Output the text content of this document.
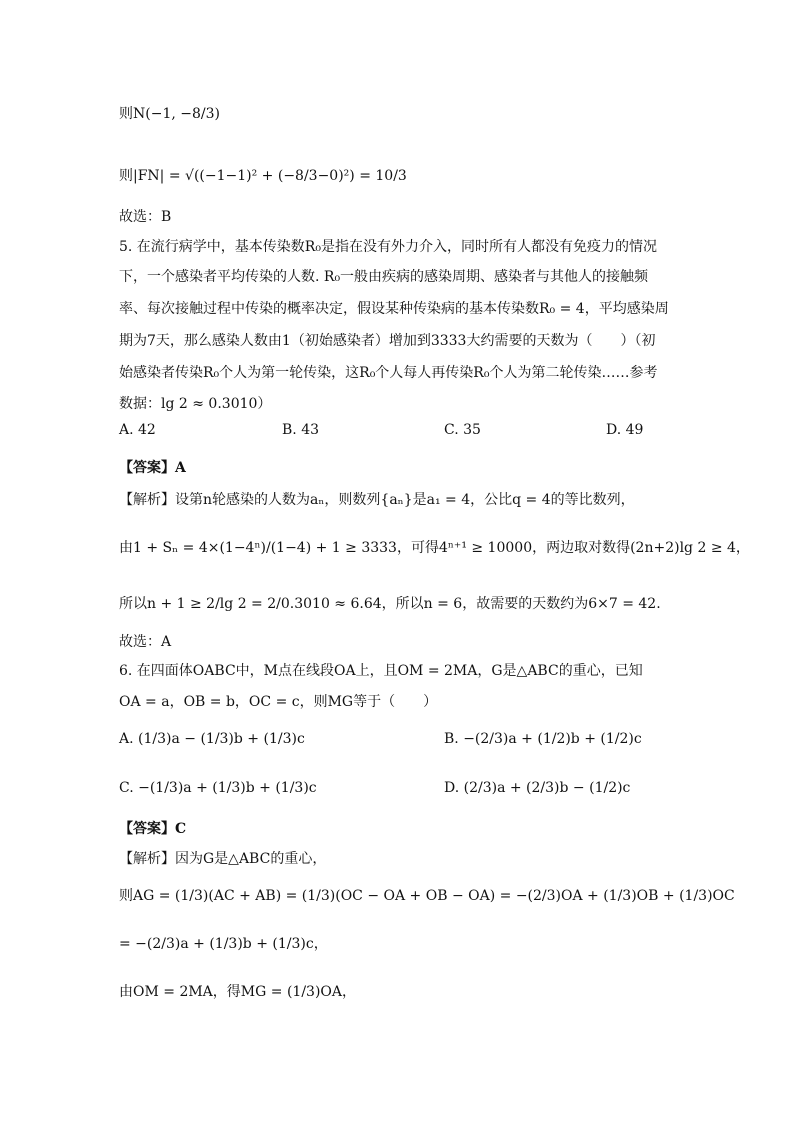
则N(−1, −8/3)
则|FN| = √((−1−1)² + (−8/3−0)²) = 10/3
故选：B
5. 在流行病学中，基本传染数R₀是指在没有外力介入，同时所有人都没有免疫力的情况
下，一个感染者平均传染的人数. R₀一般由疾病的感染周期、感染者与其他人的接触频
率、每次接触过程中传染的概率决定，假设某种传染病的基本传染数R₀ = 4，平均感染周
期为7天，那么感染人数由1（初始感染者）增加到3333大约需要的天数为（　　）（初
始感染者传染R₀个人为第一轮传染，这R₀个人每人再传染R₀个人为第二轮传染……参考
数据：lg 2 ≈ 0.3010）
A. 42	B. 43	C. 35	D. 49
【答案】A
【解析】设第n轮感染的人数为aₙ，则数列{aₙ}是a₁ = 4，公比q = 4的等比数列，
由1 + Sₙ = 4×(1−4ⁿ)/(1−4) + 1 ≥ 3333，可得4ⁿ⁺¹ ≥ 10000，两边取对数得(2n+2)lg 2 ≥ 4，
所以n + 1 ≥ 2/lg 2 = 2/0.3010 ≈ 6.64，所以n = 6，故需要的天数约为6×7 = 42.
故选：A
6. 在四面体OABC中，M点在线段OA上，且OM = 2MA，G是△ABC的重心，已知
OA = a，OB = b，OC = c，则MG等于（　　）
A. (1/3)a − (1/3)b + (1/3)c	B. −(2/3)a + (1/2)b + (1/2)c
C. −(1/3)a + (1/3)b + (1/3)c	D. (2/3)a + (2/3)b − (1/2)c
【答案】C
【解析】因为G是△ABC的重心，
则AG = (1/3)(AC + AB) = (1/3)(OC − OA + OB − OA) = −(2/3)OA + (1/3)OB + (1/3)OC
= −(2/3)a + (1/3)b + (1/3)c，
由OM = 2MA，得MG = (1/3)OA，
